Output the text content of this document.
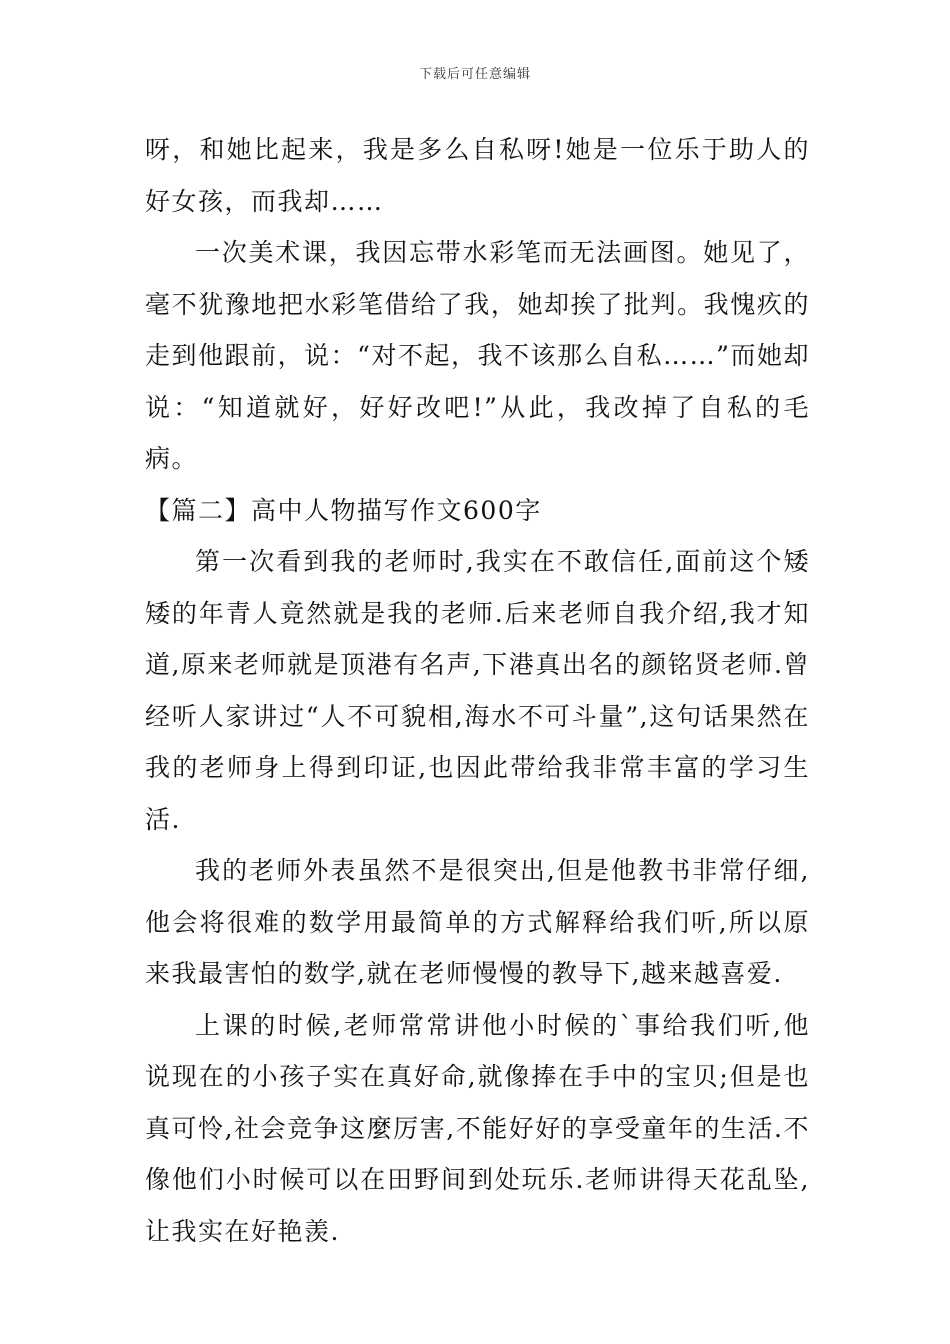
下载后可任意编辑

呀，和她比起来，我是多么自私呀!她是一位乐于助人的好女孩，而我却……

一次美术课，我因忘带水彩笔而无法画图。她见了，毫不犹豫地把水彩笔借给了我，她却挨了批判。我愧疚的走到他跟前，说：“对不起，我不该那么自私……”而她却说：“知道就好，好好改吧!”从此，我改掉了自私的毛病。

【篇二】高中人物描写作文600字

第一次看到我的老师时,我实在不敢信任,面前这个矮矮的年青人竟然就是我的老师.后来老师自我介绍,我才知道,原来老师就是顶港有名声,下港真出名的颜铭贤老师.曾经听人家讲过“人不可貌相,海水不可斗量”,这句话果然在我的老师身上得到印证,也因此带给我非常丰富的学习生活.

我的老师外表虽然不是很突出,但是他教书非常仔细,他会将很难的数学用最简单的方式解释给我们听,所以原来我最害怕的数学,就在老师慢慢的教导下,越来越喜爱.

上课的时候,老师常常讲他小时候的`事给我们听,他说现在的小孩子实在真好命,就像捧在手中的宝贝;但是也真可怜,社会竞争这麼厉害,不能好好的享受童年的生活.不像他们小时候可以在田野间到处玩乐.老师讲得天花乱坠,让我实在好艳羡.
